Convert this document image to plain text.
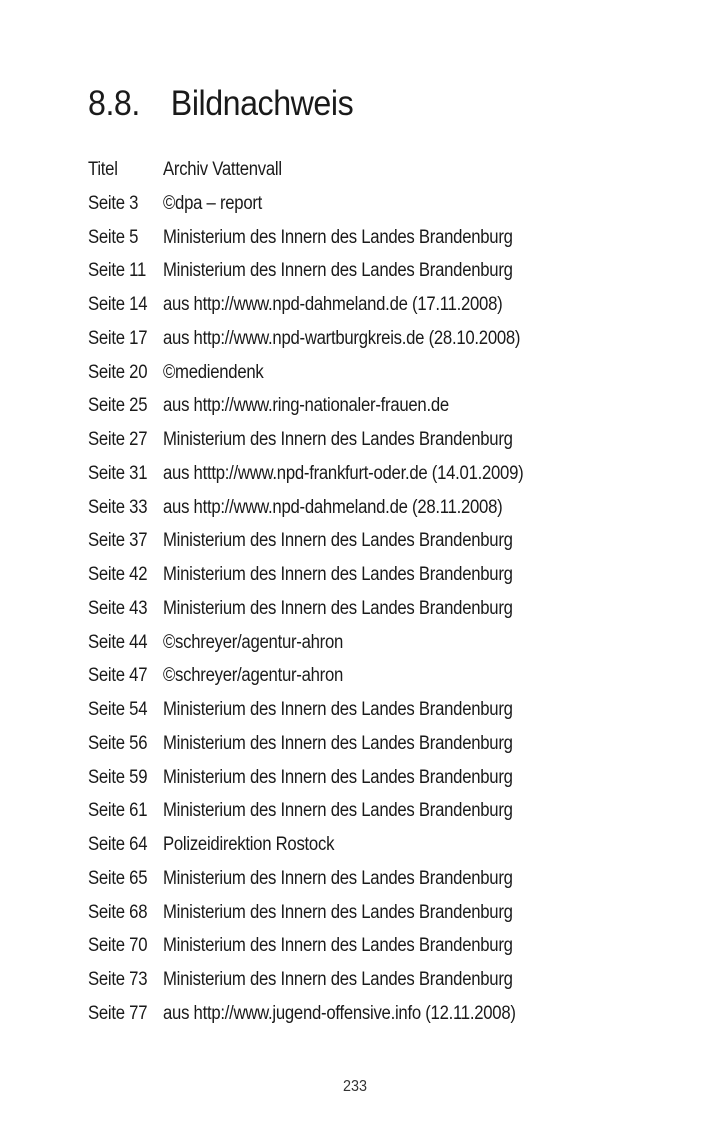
8.8. Bildnachweis
Titel Archiv Vattenvall
Seite 3 ©dpa – report
Seite 5 Ministerium des Innern des Landes Brandenburg
Seite 11 Ministerium des Innern des Landes Brandenburg
Seite 14 aus http://www.npd-dahmeland.de (17.11.2008)
Seite 17 aus http://www.npd-wartburgkreis.de (28.10.2008)
Seite 20 ©mediendenk
Seite 25 aus http://www.ring-nationaler-frauen.de
Seite 27 Ministerium des Innern des Landes Brandenburg
Seite 31 aus htttp://www.npd-frankfurt-oder.de (14.01.2009)
Seite 33 aus http://www.npd-dahmeland.de (28.11.2008)
Seite 37 Ministerium des Innern des Landes Brandenburg
Seite 42 Ministerium des Innern des Landes Brandenburg
Seite 43 Ministerium des Innern des Landes Brandenburg
Seite 44 ©schreyer/agentur-ahron
Seite 47 ©schreyer/agentur-ahron
Seite 54 Ministerium des Innern des Landes Brandenburg
Seite 56 Ministerium des Innern des Landes Brandenburg
Seite 59 Ministerium des Innern des Landes Brandenburg
Seite 61 Ministerium des Innern des Landes Brandenburg
Seite 64 Polizeidirektion Rostock
Seite 65 Ministerium des Innern des Landes Brandenburg
Seite 68 Ministerium des Innern des Landes Brandenburg
Seite 70 Ministerium des Innern des Landes Brandenburg
Seite 73 Ministerium des Innern des Landes Brandenburg
Seite 77 aus http://www.jugend-offensive.info (12.11.2008)
233
